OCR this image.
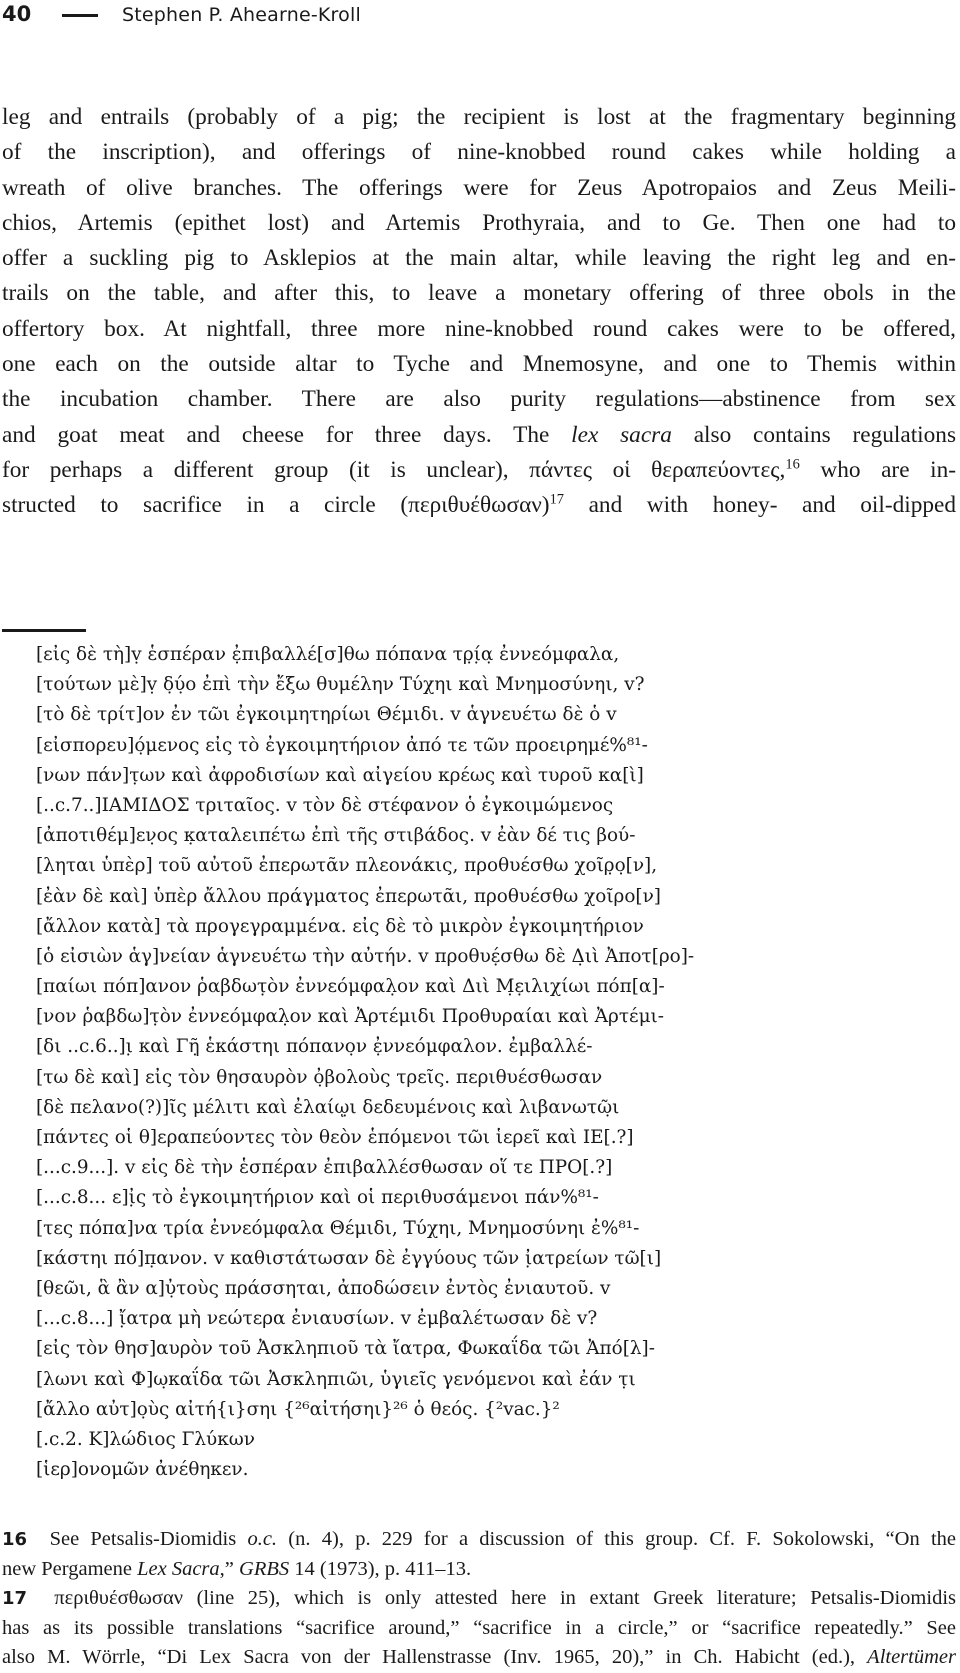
40	Stephen P. Ahearne-Kroll
leg and entrails (probably of a pig; the recipient is lost at the fragmentary beginning
of the inscription), and offerings of nine-knobbed round cakes while holding a
wreath of olive branches. The offerings were for Zeus Apotropaios and Zeus Meili-
chios, Artemis (epithet lost) and Artemis Prothyraia, and to Ge. Then one had to
offer a suckling pig to Asklepios at the main altar, while leaving the right leg and en-
trails on the table, and after this, to leave a monetary offering of three obols in the
offertory box. At nightfall, three more nine-knobbed round cakes were to be offered,
one each on the outside altar to Tyche and Mnemosyne, and one to Themis within
the incubation chamber. There are also purity regulations—abstinence from sex
and goat meat and cheese for three days. The lex sacra also contains regulations
for perhaps a different group (it is unclear), πάντες οἱ θεραπεύοντες,$^{16}$ who are in-
structed to sacrifice in a circle $(\pi\varepsilon\rho\iota\theta\upsilon έ\theta\omega\sigma\alpha\nu)^{17}$ and with honey- and oil-dipped
[εἰς δὲ τὴ]ṿ ἑσπέραν ἐ̣πιβαλλέ[σ]θω πόπανα τρ̣ί̣α̣ ἐννεόμφαλα,
[τούτων μὲ]ṿ δ̣ύ̣ο ἐπὶ τὴν ἔξω θυμέλην Τύχηι καὶ Μνημοσύνηι, v?
[τὸ δὲ τρίτ]ον ἐν τῶι ἐγκοιμητηρίωι Θέμιδι. v ἁγνευέτω δὲ ὁ v
[εἰσπορευ]ό̣μενος εἰς τὸ ἐγκοιμητήριον ἀπό τε τῶν προειρημέ%⁸¹-
[νων πάν]τ̣ων καὶ ἀφροδισίων καὶ αἰγείου κρέως καὶ τυροῦ κα[ὶ]
[..c.7..]ΙΑΜΙΔΟΣ τριταῖος. v τὸν δὲ στέφανον ὁ ἐγκοιμώμενος
[ἀποτιθέμ]εν̣ος κ̣αταλειπέτω ἐπὶ τῆς στιβάδος. v ἐὰν δέ τις βού-
[ληται ὑπὲρ] τοῦ αὐτοῦ ἐπερωτᾶν πλεονάκις, προθυέσθω χοῖρ̣ο̣[ν],
[ἐὰν δὲ καὶ] ὑπὲρ ἄλλου πράγματος ἐπερωτᾶι, προθυέσθω χοῖρο[ν]
[ἄλλον κατὰ] τὰ προγεγραμμένα. εἰς δὲ τὸ μικρὸν ἐγκοιμητήριον
[ὁ εἰσιὼν ἁγ]νείαν ἁγνευέτω τὴν αὐτήν. v προθυέ̣σθω δὲ Δ̣ιὶ Ἀποτ[ρο]-
[παίωι πόπ]ανον ῥαβδωτ̣ὸν ἐννεόμφαλ̣ον καὶ Διὶ Μ̣ε̣ιλιχίωι πόπ[α]-
[νον ῥαβδω]τ̣ὸν ἐννεόμφαλ̣ον καὶ Ἀρτέμιδι Προθυραίαι καὶ Ἀρτέμι-
[δι ..c.6..]ι̣ καὶ Γῆ̣ ἑκάστηι πόπανο̣ν ἐ̣ννεόμφαλον. ἐμβαλλέ-
[τω δὲ καὶ] εἰς τὸν θησαυρὸν ὀ̣βολοὺς τρεῖς. περιθυέσθωσαν
[δὲ πελανο(?)]ῖς μέλιτι καὶ ἐλαίῳ̣ι δεδευμένοις καὶ λιβανωτῶ̣ι
[πάντες οἱ θ]εραπεύοντες τὸν θεὸν ἑπόμενοι τῶι ἱερεῖ καὶ ΙΕ[.?]
[...c.9...]. v εἰς δὲ τὴν ἑσπέραν ἐπιβαλλέσθωσαν οἵ τε ΠΡΟ[.?]
[...c.8... ε]ἰ̣ς τὸ ἐγκοιμητήριον καὶ οἱ περιθυσάμενοι πάν%⁸¹-
[τες πόπα]να τρία ἐννεόμφαλα Θέμιδι, Τύχηι, Μνημοσύνηι ἐ%⁸¹-
[κάστηι πό]π̣ανον. v καθιστάτωσαν δὲ ἐγγύους τῶν ἰ̣ατρείων τῶ[ι]
[θεῶι, ἃ ἂν α]ὐ̣τοὺς πράσσηται, ἀποδώσειν ἐντὸς ἐνιαυτοῦ. v
[...c.8...] ἴ̣ατρα μὴ νεώτερα ἐνιαυσίων. v ἐμβαλέτωσαν δὲ v?
[εἰς τὸν θησ]αυρὸν τοῦ Ἀσκληπιοῦ τὰ ἴατρα, Φωκαΐδα τῶι Ἀπό[λ]-
[λωνι καὶ Φ]ω̣καΐδα τῶι Ἀσκληπιῶι, ὑγιεῖς γενόμενοι καὶ ἐάν τ̣ι
[ἄλλο αὐτ]ο̣ὺς αἰτή{ι}σηι {²⁶αἰτήσηι}²⁶ ὁ θεός. {²vac.}²
[.c.2. Κ]λώδιος Γλύκων
[ἱερ]ονομῶν ἀνέθηκεν.
16 See Petsalis-Diomidis o.c. (n. 4), p. 229 for a discussion of this group. Cf. F. Sokolowski, “On the
new Pergamene Lex Sacra,” GRBS 14 (1973), p. 411–13.
17  περιθυέσθωσαν (line 25), which is only attested here in extant Greek literature; Petsalis-Diomidis
has as its possible translations “sacrifice around,” “sacrifice in a circle,” or “sacrifice repeatedly.” See
also M. Wörrle, “Di Lex Sacra von der Hallenstrasse (Inv. 1965, 20),” in Ch. Habicht (ed.), Altertümer
